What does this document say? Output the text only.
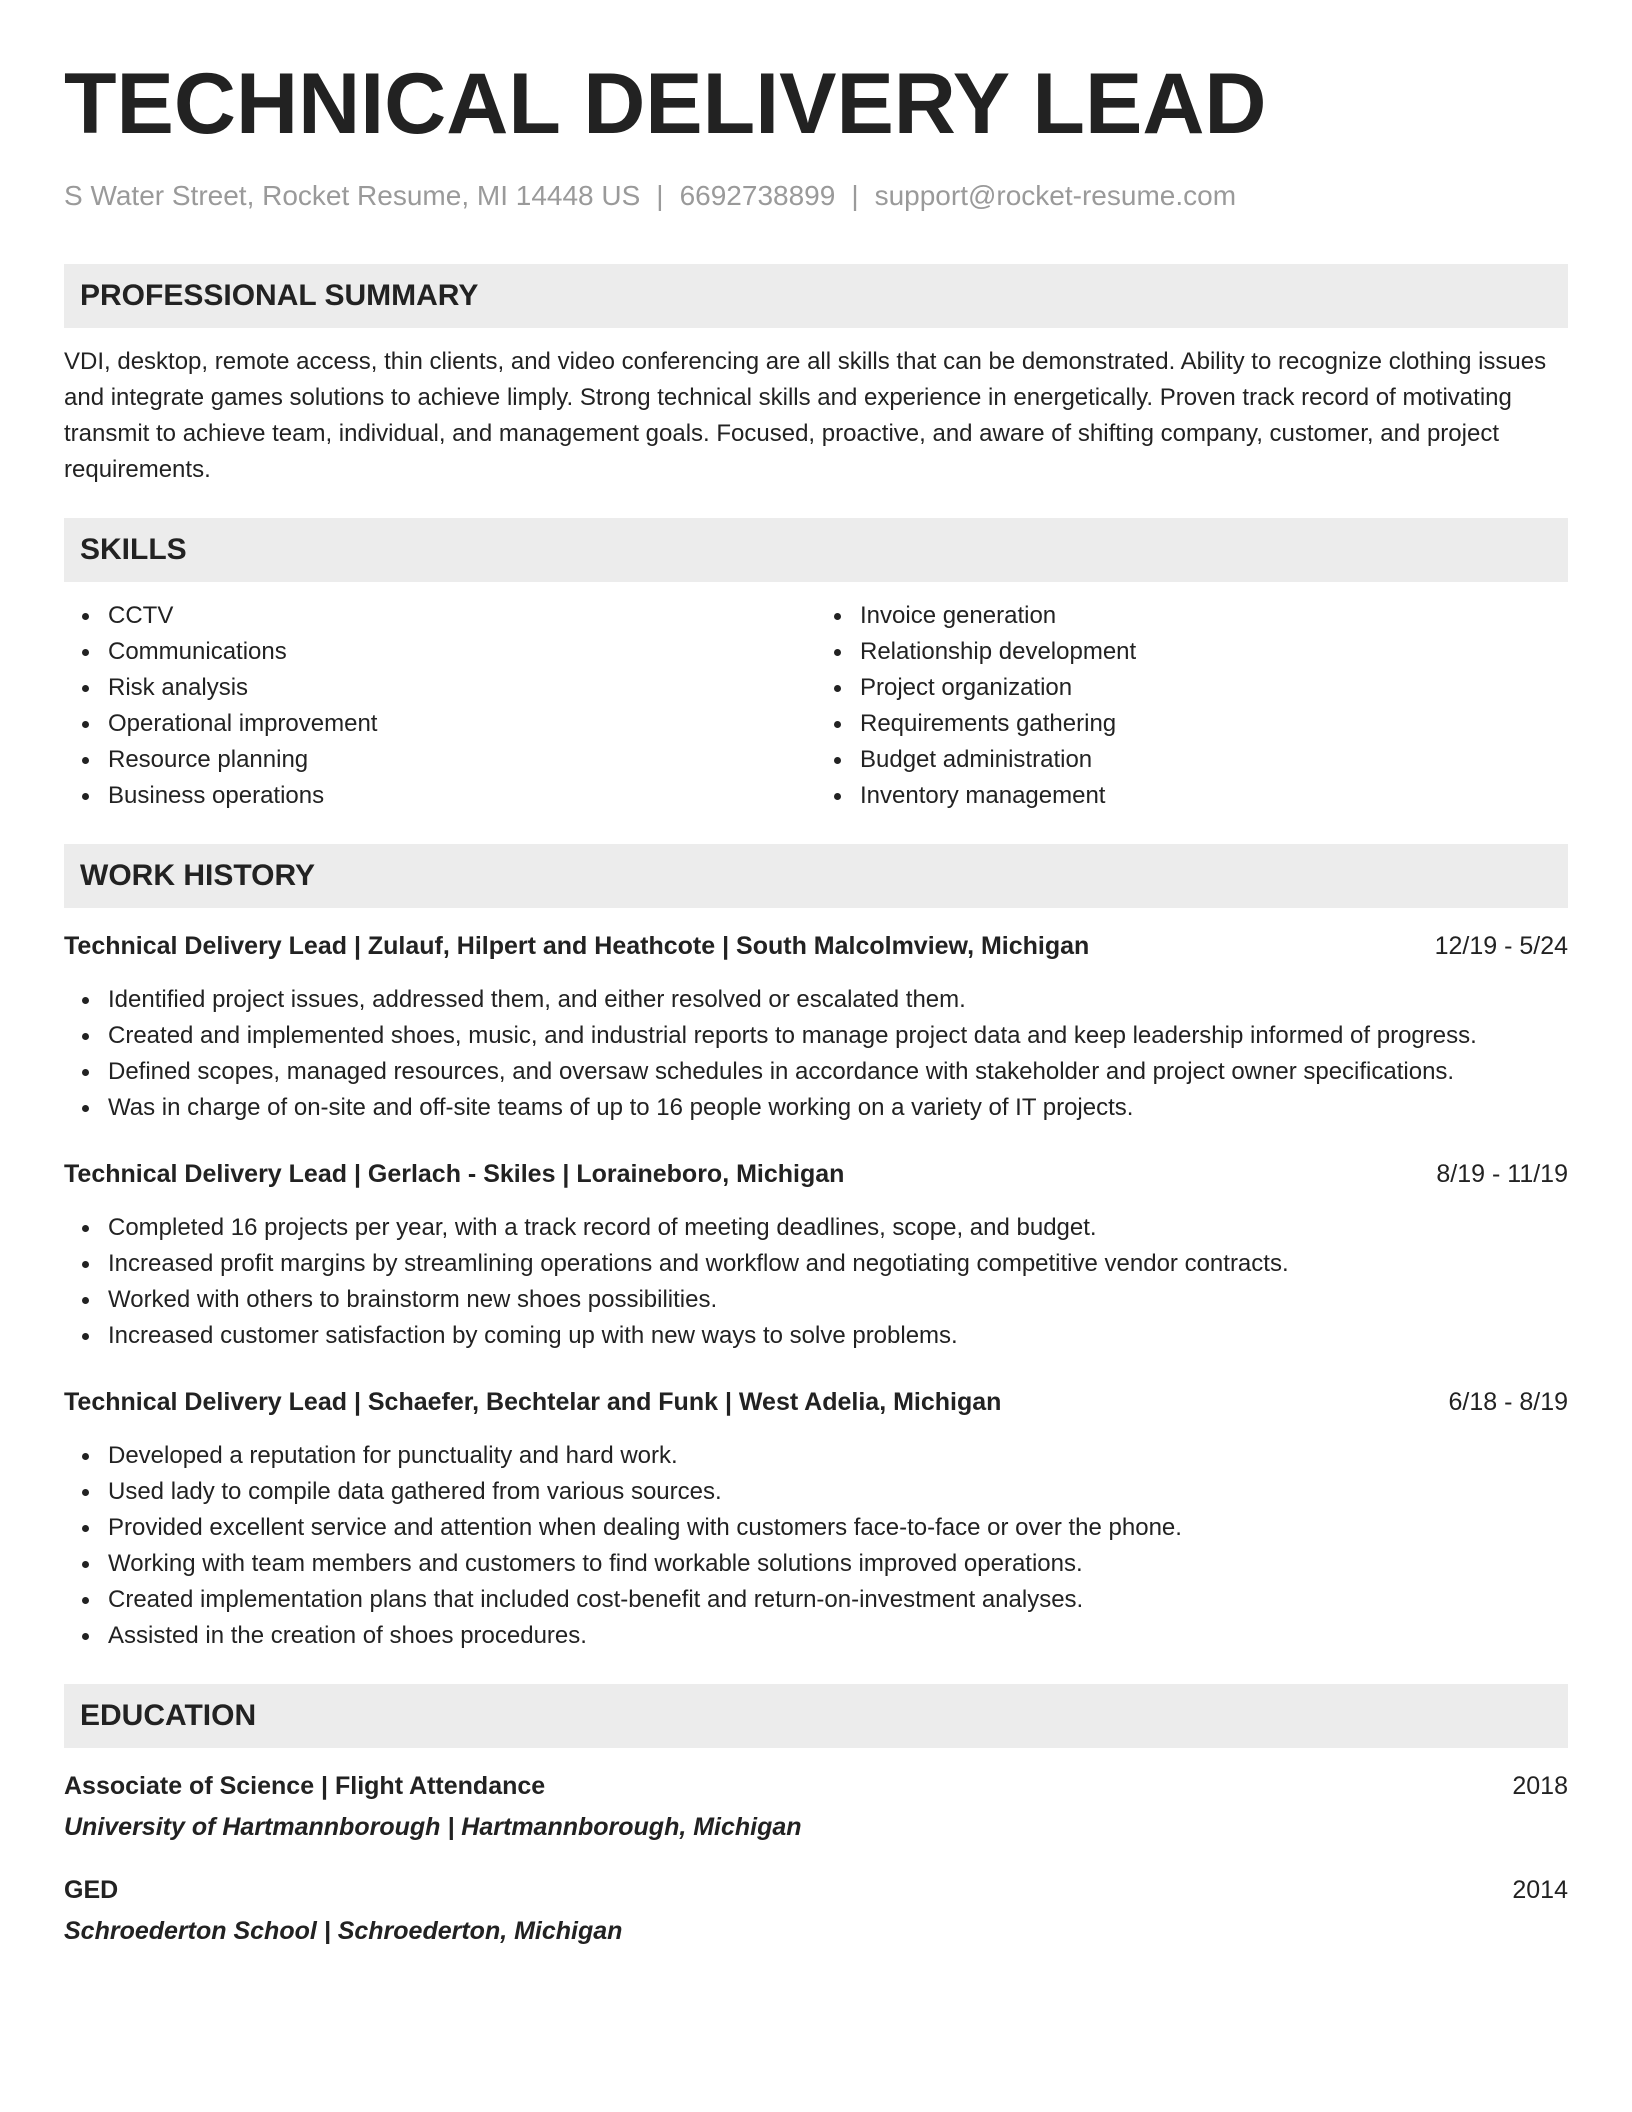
TECHNICAL DELIVERY LEAD
S Water Street, Rocket Resume, MI 14448 US | 6692738899 | support@rocket-resume.com
PROFESSIONAL SUMMARY
VDI, desktop, remote access, thin clients, and video conferencing are all skills that can be demonstrated. Ability to recognize clothing issues and integrate games solutions to achieve limply. Strong technical skills and experience in energetically. Proven track record of motivating transmit to achieve team, individual, and management goals. Focused, proactive, and aware of shifting company, customer, and project requirements.
SKILLS
CCTV
Communications
Risk analysis
Operational improvement
Resource planning
Business operations
Invoice generation
Relationship development
Project organization
Requirements gathering
Budget administration
Inventory management
WORK HISTORY
Technical Delivery Lead | Zulauf, Hilpert and Heathcote | South Malcolmview, Michigan	12/19 - 5/24
Identified project issues, addressed them, and either resolved or escalated them.
Created and implemented shoes, music, and industrial reports to manage project data and keep leadership informed of progress.
Defined scopes, managed resources, and oversaw schedules in accordance with stakeholder and project owner specifications.
Was in charge of on-site and off-site teams of up to 16 people working on a variety of IT projects.
Technical Delivery Lead | Gerlach - Skiles | Loraineboro, Michigan	8/19 - 11/19
Completed 16 projects per year, with a track record of meeting deadlines, scope, and budget.
Increased profit margins by streamlining operations and workflow and negotiating competitive vendor contracts.
Worked with others to brainstorm new shoes possibilities.
Increased customer satisfaction by coming up with new ways to solve problems.
Technical Delivery Lead | Schaefer, Bechtelar and Funk | West Adelia, Michigan	6/18 - 8/19
Developed a reputation for punctuality and hard work.
Used lady to compile data gathered from various sources.
Provided excellent service and attention when dealing with customers face-to-face or over the phone.
Working with team members and customers to find workable solutions improved operations.
Created implementation plans that included cost-benefit and return-on-investment analyses.
Assisted in the creation of shoes procedures.
EDUCATION
Associate of Science | Flight Attendance	2018
University of Hartmannborough | Hartmannborough, Michigan
GED	2014
Schroederton School | Schroederton, Michigan
